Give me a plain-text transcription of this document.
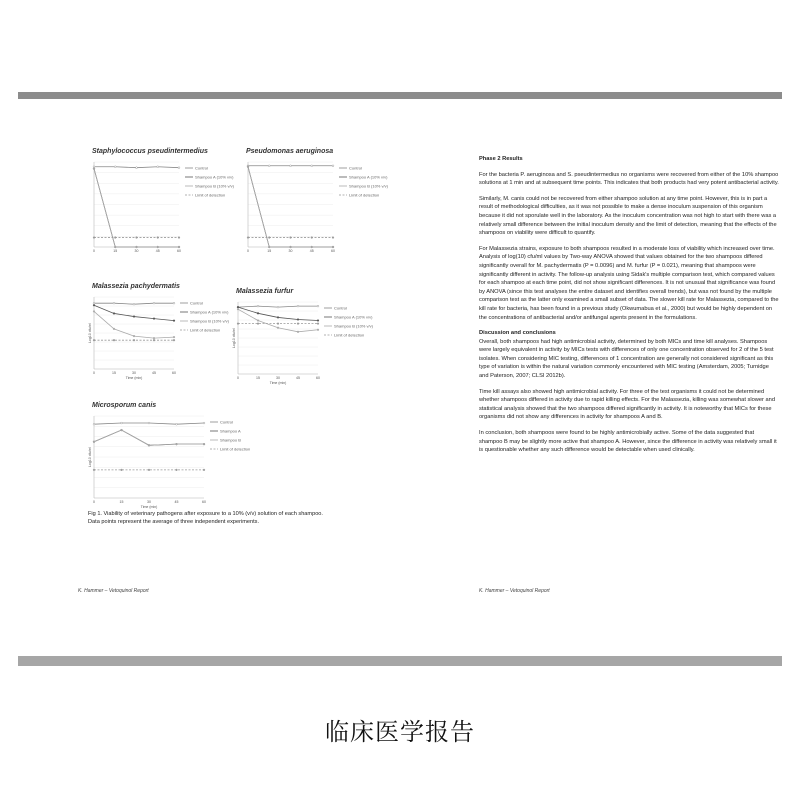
Staphylococcus pseudintermedius
0	15	30	45	60
Control
Shampoo A (10% v/v)
Shampoo B (10% v/v)
Limit of detection
Pseudomonas aeruginosa
0	15	30	45	60
Control
Shampoo A (10% v/v)
Shampoo B (10% v/v)
Limit of detection
Malassezia pachydermatis
0	15	30	45	60
Time (min)
Log10 cfu/ml
Control
Shampoo A (10% v/v)
Shampoo B (10% v/v)
Limit of detection
Malassezia furfur
0	15	30	45	60
Time (min)
Log10 cfu/ml
Control
Shampoo A (10% v/v)
Shampoo B (10% v/v)
Limit of detection
Microsporum canis
0	15	30	45	60
Time (min)
Log10 cfu/ml
Control
Shampoo A
Shampoo B
Limit of detection
Fig 1. Viability of veterinary pathogens after exposure to a 10% (v/v) solution of each shampoo. Data points represent the average of three independent experiments.
K. Hammer – Vetoquinol Report	K. Hammer – Vetoquinol Report

Phase 2 Results

For the bacteria P. aeruginosa and S. pseudintermedius no organisms were recovered from either of the 10% shampoo solutions at 1 min and at subsequent time points. This indicates that both products had very potent antibacterial activity.

Similarly, M. canis could not be recovered from either shampoo solution at any time point. However, this is in part a result of methodological difficulties, as it was not possible to make a dense inoculum suspension of this organism because it did not sporulate well in the laboratory. As the inoculum concentration was not high to start with there was a relatively small difference between the initial inoculum density and the limit of detection, meaning that the effects of the shampoos on viability were difficult to quantify.

For Malassezia strains, exposure to both shampoos resulted in a moderate loss of viability which increased over time. Analysis of log(10) cfu/ml values by Two-way ANOVA showed that values obtained for the two shampoos differed significantly overall for M. pachydermatis (P = 0.0096) and M. furfur (P = 0.021), meaning that shampoos were significantly different in activity. The follow-up analysis using Sidak's multiple comparison test, which compared values for each shampoo at each time point, did not show significant differences. It is not unusual that significance was found by ANOVA (since this test analyses the entire dataset and identifies overall trends), but was not found by the multiple comparison test as the latter only examined a small subset of data. The slower kill rate for Malassezia, compared to the kill rate for bacteria, has been found in a previous study (Okwumabua et al., 2000) but would be highly dependent on the concentrations of antibacterial and/or antifungal agents present in the formulations.

Discussion and conclusions

Overall, both shampoos had high antimicrobial activity, determined by both MICs and time kill analyses. Shampoos were largely equivalent in activity by MICs tests with differences of only one concentration observed for 2 of the 5 test isolates. When considering MIC testing, differences of 1 concentration are generally not considered significant as this type of variation is within the natural variation commonly encountered with MIC testing (Amsterdam, 2005; Turnidge and Paterson, 2007; CLSI 2012b).

Time kill assays also showed high antimicrobial activity. For three of the test organisms it could not be determined whether shampoos differed in activity due to rapid killing effects. For the Malassezia, killing was somewhat slower and statistical analysis showed that the two shampoos differed significantly in activity. It is noteworthy that MICs for these organisms did not show any differences in activity for shampoos A and B.

In conclusion, both shampoos were found to be highly antimicrobially active. Some of the data suggested that shampoo B may be slightly more active that shampoo A. However, since the difference in activity was relatively small it is questionable whether any such difference would be detectable when used clinically.

临床医学报告
